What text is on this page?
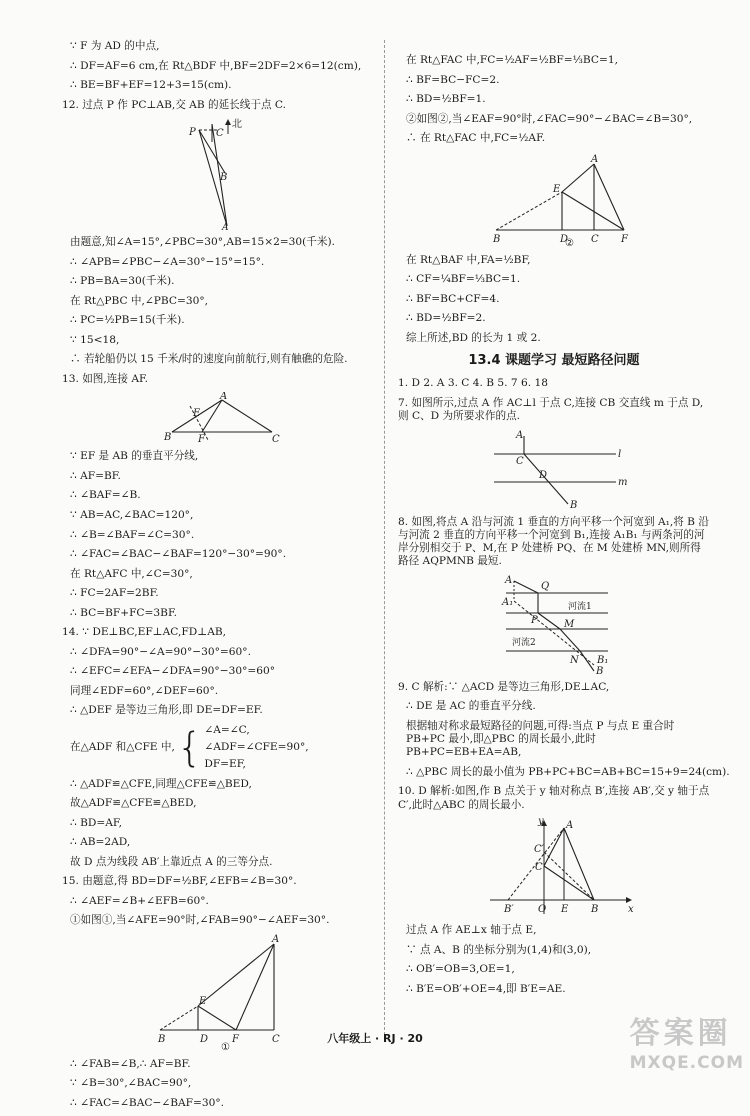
∵ F 为 AD 的中点,
∴ DF=AF=6 cm,在 Rt△BDF 中,BF=2DF=2×6=12(cm),
∴ BE=BF+EF=12+3=15(cm).
12. 过点 P 作 PC⊥AB,交 AB 的延长线于点 C.
P C
北
B
A
由题意,知∠A=15°,∠PBC=30°,AB=15×2=30(千米).
∴ ∠APB=∠PBC−∠A=30°−15°=15°.
∴ PB=BA=30(千米).
在 Rt△PBC 中,∠PBC=30°,
∴ PC=½PB=15(千米).
∵ 15<18,
∴ 若轮船仍以 15 千米/时的速度向前航行,则有触礁的危险.
13. 如图,连接 AF.
A
E
B	F	C
∵ EF 是 AB 的垂直平分线,
∴ AF=BF.
∴ ∠BAF=∠B.
∵ AB=AC,∠BAC=120°,
∴ ∠B=∠BAF=∠C=30°.
∴ ∠FAC=∠BAC−∠BAF=120°−30°=90°.
在 Rt△AFC 中,∠C=30°,
∴ FC=2AF=2BF.
∴ BC=BF+FC=3BF.
14. ∵ DE⊥BC,EF⊥AC,FD⊥AB,
∴ ∠DFA=90°−∠A=90°−30°=60°.
∴ ∠EFC=∠EFA−∠DFA=90°−30°=60°
同理∠EDF=60°,∠DEF=60°.
∴ △DEF 是等边三角形,即 DE=DF=EF.
在△ADF 和△CFE 中, { ∠A=∠C,
∠ADF=∠CFE=90°,
DF=EF,
∴ △ADF≌△CFE,同理△CFE≌△BED,
故△ADF≌△CFE≌△BED,
∴ BD=AF,
∴ AB=2AD,
故 D 点为线段 AB′上靠近点 A 的三等分点.
15. 由题意,得 BD=DF=½BF,∠EFB=∠B=30°.
∴ ∠AEF=∠B+∠EFB=60°.
①如图①,当∠AFE=90°时,∠FAB=90°−∠AEF=30°.
A
E
B	D F	C
①
∴ ∠FAB=∠B,∴ AF=BF.
∵ ∠B=30°,∠BAC=90°,
∴ ∠FAC=∠BAC−∠BAF=30°.
在 Rt△FAC 中,FC=½AF=½BF=⅓BC=1,
∴ BF=BC−FC=2.
∴ BD=½BF=1.
②如图②,当∠EAF=90°时,∠FAC=90°−∠BAC=∠B=30°,
∴ 在 Rt△FAC 中,FC=½AF.
A
E
B	D C F
②
在 Rt△BAF 中,FA=½BF,
∴ CF=¼BF=⅓BC=1.
∴ BF=BC+CF=4.
∴ BD=½BF=2.
综上所述,BD 的长为 1 或 2.
13.4 课题学习 最短路径问题
1. D 2. A 3. C 4. B 5. 7 6. 18
7. 如图所示,过点 A 作 AC⊥l 于点 C,连接 CB 交直线 m 于点 D,则 C、D 为所要求作的点.
A
l
m
C
D
B
8. 如图,将点 A 沿与河流 1 垂直的方向平移一个河宽到 A₁,将 B 沿与河流 2 垂直的方向平移一个河宽到 B₁,连接 A₁B₁ 与两条河的河岸分别相交于 P、M,在 P 处建桥 PQ、在 M 处建桥 MN,则所得路径 AQPMNB 最短.
A
A₁
Q
P	M
N B₁
B
河流1
河流2
9. C 解析:∵ △ACD 是等边三角形,DE⊥AC,
∴ DE 是 AC 的垂直平分线.
根据轴对称求最短路径的问题,可得:当点 P 与点 E 重合时 PB+PC 最小,即△PBC 的周长最小,此时 PB+PC=EB+EA=AB,
∴ △PBC 周长的最小值为 PB+PC+BC=AB+BC=15+9=24(cm).
10. D 解析:如图,作 B 点关于 y 轴对称点 B′,连接 AB′,交 y 轴于点 C′,此时△ABC 的周长最小.
y A
C′
C
B′ O E B	x
过点 A 作 AE⊥x 轴于点 E,
∵ 点 A、B 的坐标分别为(1,4)和(3,0),
∴ OB′=OB=3,OE=1,
∴ B′E=OB′+OE=4,即 B′E=AE.
八年级上 · RJ · 20	答案圈
MXQE.COM
